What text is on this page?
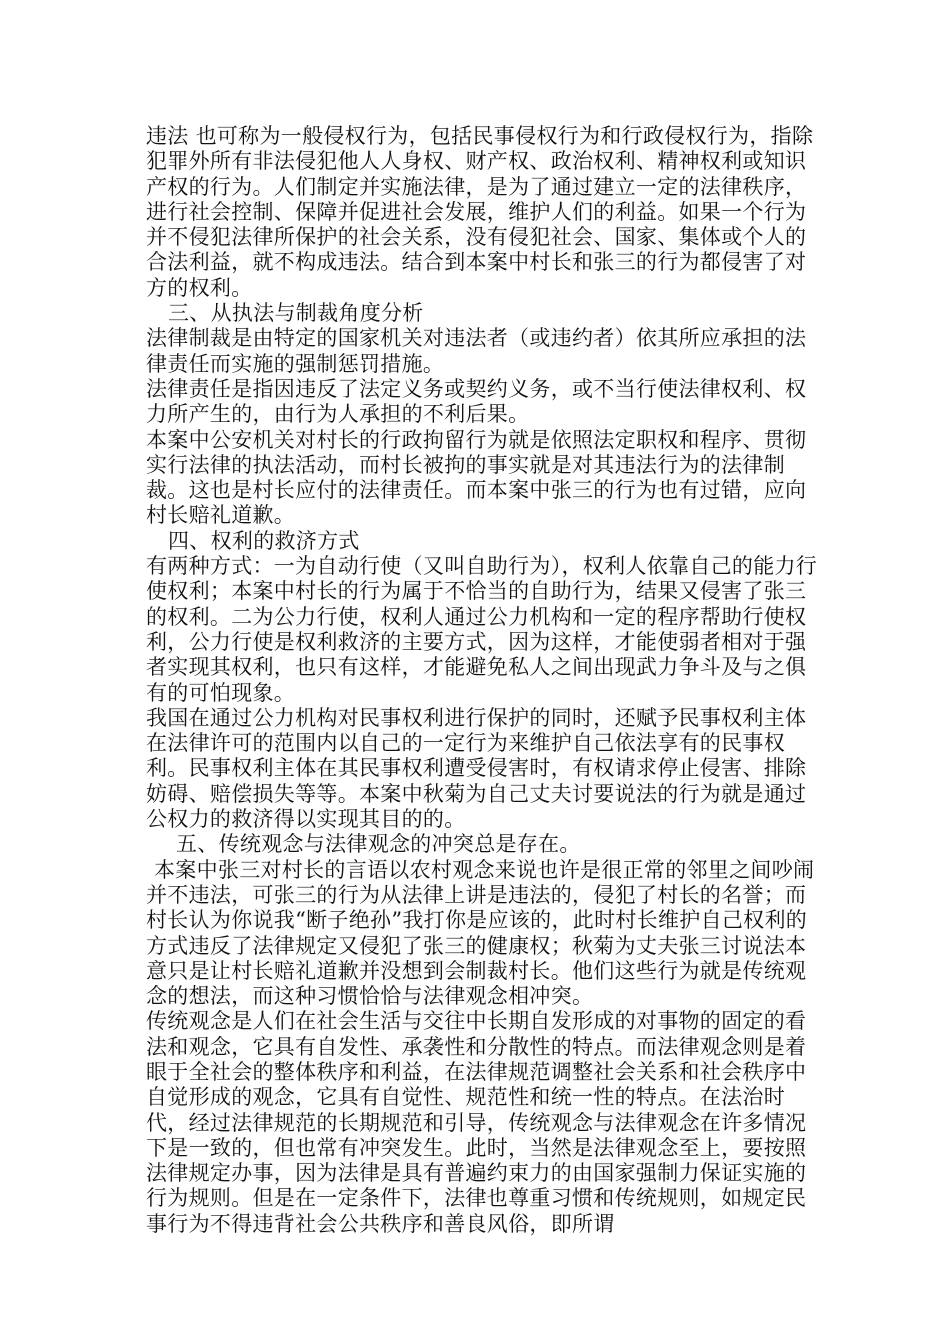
违法 也可称为一般侵权行为，包括民事侵权行为和行政侵权行为，指除犯罪外所有非法侵犯他人人身权、财产权、政治权利、精神权利或知识产权的行为。人们制定并实施法律，是为了通过建立一定的法律秩序，进行社会控制、保障并促进社会发展，维护人们的利益。如果一个行为并不侵犯法律所保护的社会关系，没有侵犯社会、国家、集体或个人的合法利益，就不构成违法。结合到本案中村长和张三的行为都侵害了对方的权利。

三、从执法与制裁角度分析

法律制裁是由特定的国家机关对违法者（或违约者）依其所应承担的法律责任而实施的强制惩罚措施。

法律责任是指因违反了法定义务或契约义务，或不当行使法律权利、权力所产生的，由行为人承担的不利后果。

本案中公安机关对村长的行政拘留行为就是依照法定职权和程序、贯彻实行法律的执法活动，而村长被拘的事实就是对其违法行为的法律制裁。这也是村长应付的法律责任。而本案中张三的行为也有过错，应向村长赔礼道歉。

四、权利的救济方式

有两种方式：一为自动行使（又叫自助行为），权利人依靠自己的能力行使权利；本案中村长的行为属于不恰当的自助行为，结果又侵害了张三的权利。二为公力行使，权利人通过公力机构和一定的程序帮助行使权利，公力行使是权利救济的主要方式，因为这样，才能使弱者相对于强者实现其权利，也只有这样，才能避免私人之间出现武力争斗及与之俱有的可怕现象。

我国在通过公力机构对民事权利进行保护的同时，还赋予民事权利主体在法律许可的范围内以自己的一定行为来维护自己依法享有的民事权利。民事权利主体在其民事权利遭受侵害时，有权请求停止侵害、排除妨碍、赔偿损失等等。本案中秋菊为自己丈夫讨要说法的行为就是通过公权力的救济得以实现其目的的。

五、传统观念与法律观念的冲突总是存在。

本案中张三对村长的言语以农村观念来说也许是很正常的邻里之间吵闹并不违法，可张三的行为从法律上讲是违法的，侵犯了村长的名誉；而村长认为你说我“断子绝孙”我打你是应该的，此时村长维护自己权利的方式违反了法律规定又侵犯了张三的健康权；秋菊为丈夫张三讨说法本意只是让村长赔礼道歉并没想到会制裁村长。他们这些行为就是传统观念的想法，而这种习惯恰恰与法律观念相冲突。

传统观念是人们在社会生活与交往中长期自发形成的对事物的固定的看法和观念，它具有自发性、承袭性和分散性的特点。而法律观念则是着眼于全社会的整体秩序和利益，在法律规范调整社会关系和社会秩序中自觉形成的观念，它具有自觉性、规范性和统一性的特点。在法治时代，经过法律规范的长期规范和引导，传统观念与法律观念在许多情况下是一致的，但也常有冲突发生。此时，当然是法律观念至上，要按照法律规定办事，因为法律是具有普遍约束力的由国家强制力保证实施的行为规则。但是在一定条件下，法律也尊重习惯和传统规则，如规定民事行为不得违背社会公共秩序和善良风俗，即所谓
